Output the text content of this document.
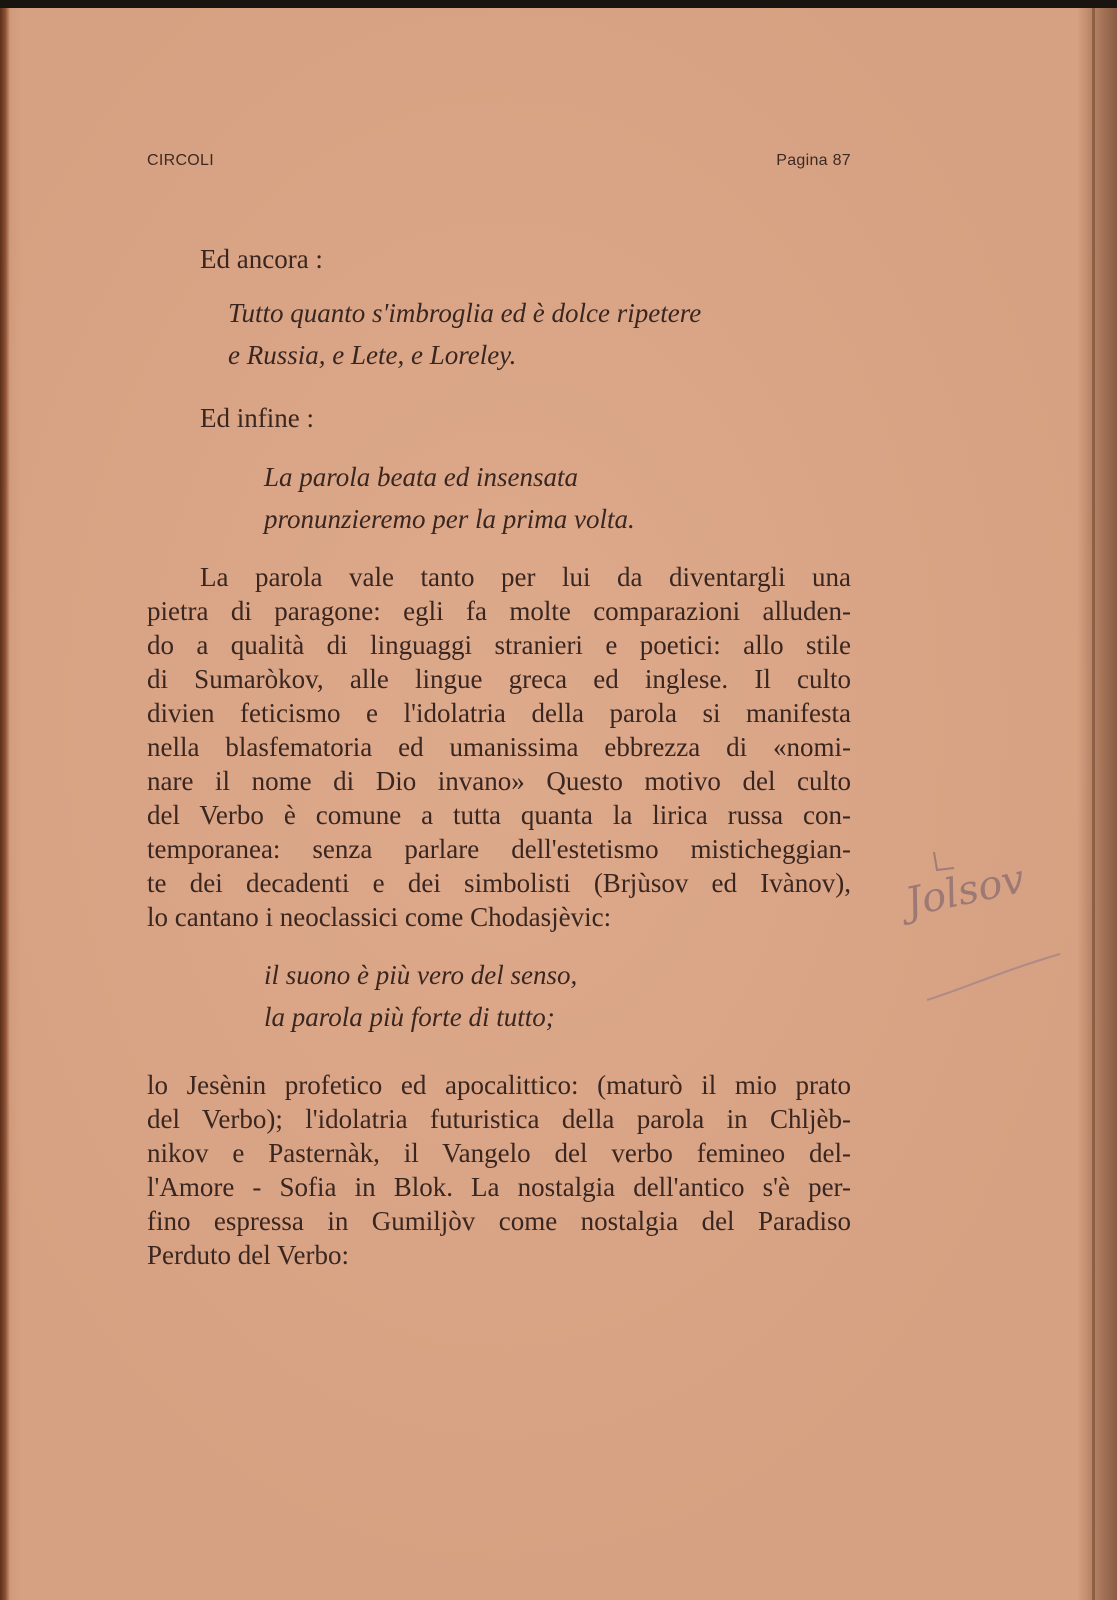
CIRCOLI	Pagina 87
Ed ancora :
Tutto quanto s'imbroglia ed è dolce ripetere
e Russia, e Lete, e Loreley.
Ed infine :
La parola beata ed insensata
pronunzieremo per la prima volta.
La parola vale tanto per lui da diventargli una
pietra di paragone: egli fa molte comparazioni alluden-
do a qualità di linguaggi stranieri e poetici: allo stile
di Sumaròkov, alle lingue greca ed inglese. Il culto
divien feticismo e l'idolatria della parola si manifesta
nella blasfematoria ed umanissima ebbrezza di «nomi-
nare il nome di Dio invano» Questo motivo del culto
del Verbo è comune a tutta quanta la lirica russa con-
temporanea: senza parlare dell'estetismo misticheggian-
te dei decadenti e dei simbolisti (Brjùsov ed Ivànov),
lo cantano i neoclassici come Chodasjèvic:
il suono è più vero del senso,
la parola più forte di tutto;
lo Jesènin profetico ed apocalittico: (maturò il mio prato
del Verbo); l'idolatria futuristica della parola in Chljèb-
nikov e Pasternàk, il Vangelo del verbo femineo del-
l'Amore - Sofia in Blok. La nostalgia dell'antico s'è per-
fino espressa in Gumiljòv come nostalgia del Paradiso
Perduto del Verbo:
Jolsov
